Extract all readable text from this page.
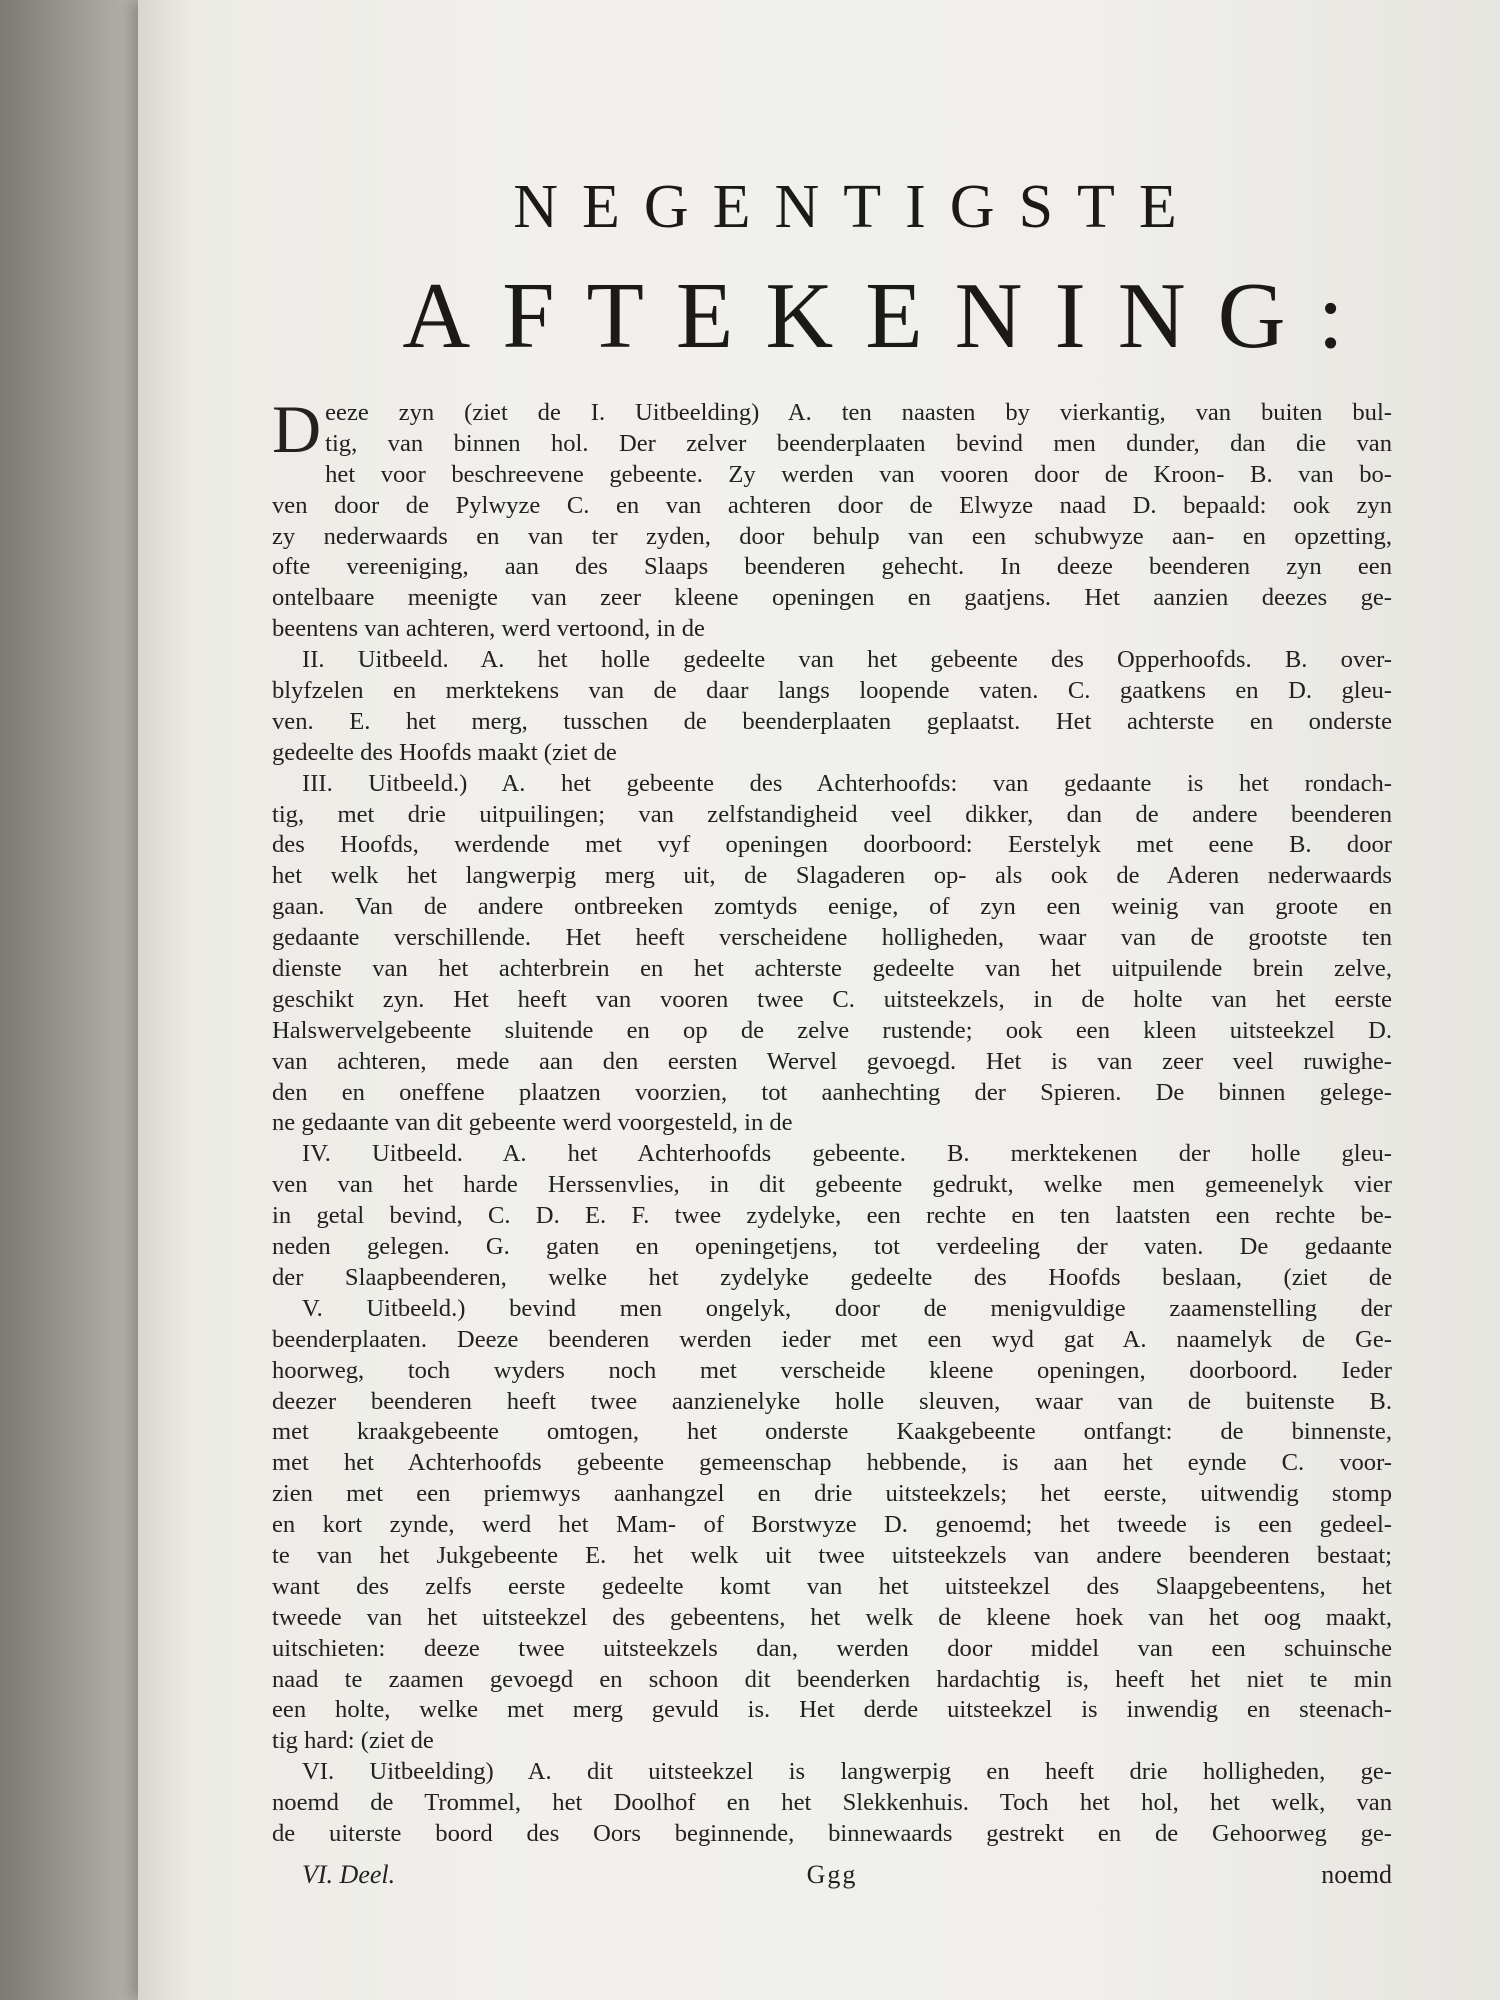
NEGENTIGSTE
AFTEKENING:
D eeze zyn (ziet de I. Uitbeelding) A. ten naasten by vierkantig, van buiten bul-
tig, van binnen hol. Der zelver beenderplaaten bevind men dunder, dan die van
het voor beschreevene gebeente. Zy werden van vooren door de Kroon- B. van bo-
ven door de Pylwyze C. en van achteren door de Elwyze naad D. bepaald: ook zyn
zy nederwaards en van ter zyden, door behulp van een schubwyze aan- en opzetting,
ofte vereeniging, aan des Slaaps beenderen gehecht. In deeze beenderen zyn een
ontelbaare meenigte van zeer kleene openingen en gaatjens. Het aanzien deezes ge-
beentens van achteren, werd vertoond, in de
II. Uitbeeld. A. het holle gedeelte van het gebeente des Opperhoofds. B. over-
blyfzelen en merktekens van de daar langs loopende vaten. C. gaatkens en D. gleu-
ven. E. het merg, tusschen de beenderplaaten geplaatst. Het achterste en onderste
gedeelte des Hoofds maakt (ziet de
III. Uitbeeld.) A. het gebeente des Achterhoofds: van gedaante is het rondach-
tig, met drie uitpuilingen; van zelfstandigheid veel dikker, dan de andere beenderen
des Hoofds, werdende met vyf openingen doorboord: Eerstelyk met eene B. door
het welk het langwerpig merg uit, de Slagaderen op- als ook de Aderen nederwaards
gaan. Van de andere ontbreeken zomtyds eenige, of zyn een weinig van groote en
gedaante verschillende. Het heeft verscheidene holligheden, waar van de grootste ten
dienste van het achterbrein en het achterste gedeelte van het uitpuilende brein zelve,
geschikt zyn. Het heeft van vooren twee C. uitsteekzels, in de holte van het eerste
Halswervelgebeente sluitende en op de zelve rustende; ook een kleen uitsteekzel D.
van achteren, mede aan den eersten Wervel gevoegd. Het is van zeer veel ruwighe-
den en oneffene plaatzen voorzien, tot aanhechting der Spieren. De binnen gelege-
ne gedaante van dit gebeente werd voorgesteld, in de
IV. Uitbeeld. A. het Achterhoofds gebeente. B. merktekenen der holle gleu-
ven van het harde Herssenvlies, in dit gebeente gedrukt, welke men gemeenelyk vier
in getal bevind, C. D. E. F. twee zydelyke, een rechte en ten laatsten een rechte be-
neden gelegen. G. gaten en openingetjens, tot verdeeling der vaten. De gedaante
der Slaapbeenderen, welke het zydelyke gedeelte des Hoofds beslaan, (ziet de
V. Uitbeeld.) bevind men ongelyk, door de menigvuldige zaamenstelling der
beenderplaaten. Deeze beenderen werden ieder met een wyd gat A. naamelyk de Ge-
hoorweg, toch wyders noch met verscheide kleene openingen, doorboord. Ieder
deezer beenderen heeft twee aanzienelyke holle sleuven, waar van de buitenste B.
met kraakgebeente omtogen, het onderste Kaakgebeente ontfangt: de binnenste,
met het Achterhoofds gebeente gemeenschap hebbende, is aan het eynde C. voor-
zien met een priemwys aanhangzel en drie uitsteekzels; het eerste, uitwendig stomp
en kort zynde, werd het Mam- of Borstwyze D. genoemd; het tweede is een gedeel-
te van het Jukgebeente E. het welk uit twee uitsteekzels van andere beenderen bestaat;
want des zelfs eerste gedeelte komt van het uitsteekzel des Slaapgebeentens, het
tweede van het uitsteekzel des gebeentens, het welk de kleene hoek van het oog maakt,
uitschieten: deeze twee uitsteekzels dan, werden door middel van een schuinsche
naad te zaamen gevoegd en schoon dit beenderken hardachtig is, heeft het niet te min
een holte, welke met merg gevuld is. Het derde uitsteekzel is inwendig en steenach-
tig hard: (ziet de
VI. Uitbeelding) A. dit uitsteekzel is langwerpig en heeft drie holligheden, ge-
noemd de Trommel, het Doolhof en het Slekkenhuis. Toch het hol, het welk, van
de uiterste boord des Oors beginnende, binnewaards gestrekt en de Gehoorweg ge-
VI. Deel.	Ggg	noemd
